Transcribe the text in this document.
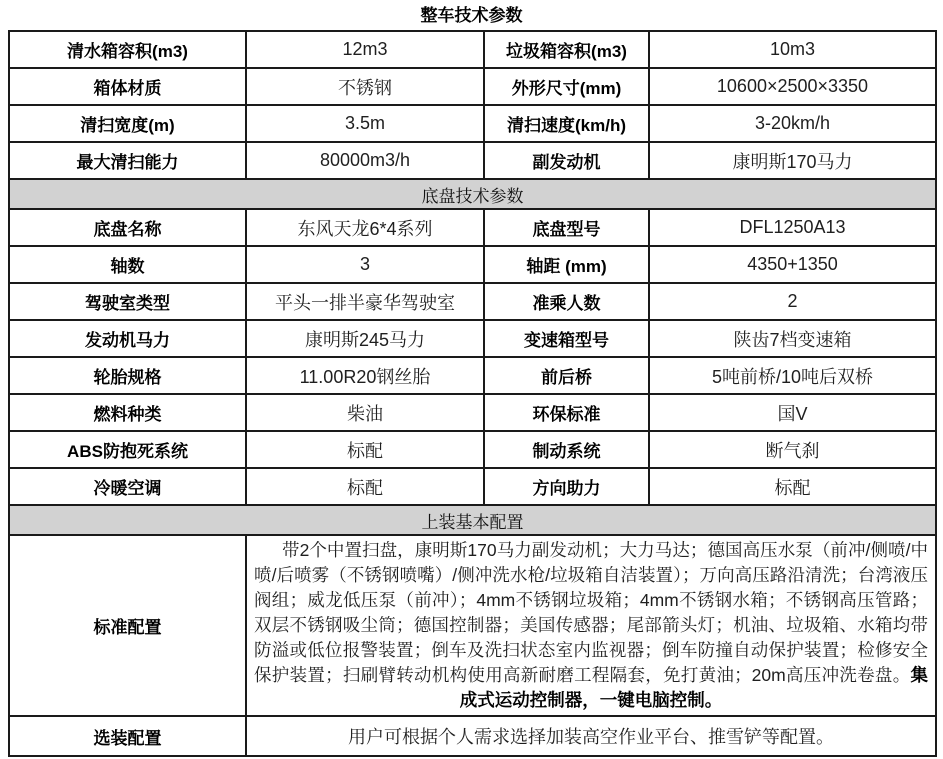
整车技术参数
清水箱容积(m3)	12m3	垃圾箱容积(m3)	10m3
箱体材质	不锈钢	外形尺寸(mm)	10600×2500×3350
清扫宽度(m)	3.5m	清扫速度(km/h)	3-20km/h
最大清扫能力	80000m3/h	副发动机	康明斯170马力
底盘技术参数			
底盘名称	东风天龙6*4系列	底盘型号	DFL1250A13
轴数	3	轴距 (mm)	4350+1350
驾驶室类型	平头一排半豪华驾驶室	准乘人数	2
发动机马力	康明斯245马力	变速箱型号	陕齿7档变速箱
轮胎规格	11.00R20钢丝胎	前后桥	5吨前桥/10吨后双桥
燃料种类	柴油	环保标准	国V
ABS防抱死系统	标配	制动系统	断气刹
冷暖空调	标配	方向助力	标配
上装基本配置			
标准配置	带2个中置扫盘，康明斯170马力副发动机；大力马达；德国高压水泵（前冲/侧喷/中喷/后喷雾（不锈钢喷嘴）/侧冲洗水枪/垃圾箱自洁装置）；万向高压路沿清洗；台湾液压阀组；威龙低压泵（前冲）；4mm不锈钢垃圾箱；4mm不锈钢水箱；不锈钢高压管路；双层不锈钢吸尘筒；德国控制器；美国传感器；尾部箭头灯；机油、垃圾箱、水箱均带防溢或低位报警装置；倒车及洗扫状态室内监视器；倒车防撞自动保护装置；检修安全保护装置；扫刷臂转动机构使用高新耐磨工程隔套，免打黄油；20m高压冲洗卷盘。集成式运动控制器，一键电脑控制。		

选装配置	用户可根据个人需求选择加装高空作业平台、推雪铲等配置。		
